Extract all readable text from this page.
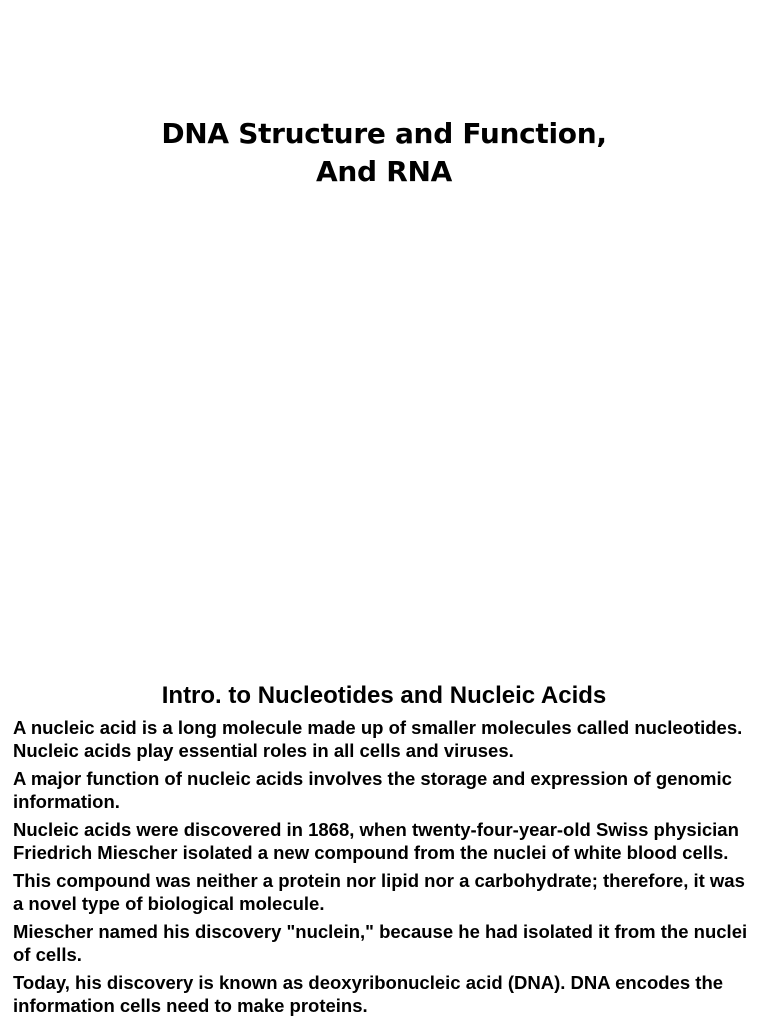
DNA Structure and Function,
And RNA
Intro. to Nucleotides and Nucleic Acids
A nucleic acid is a long molecule made up of smaller molecules called nucleotides. Nucleic acids play essential roles in all cells and viruses.
A major function of nucleic acids involves the storage and expression of genomic information.
Nucleic acids were discovered in 1868, when twenty-four-year-old Swiss physician Friedrich Miescher isolated a new compound from the nuclei of white blood cells.
This compound was neither a protein nor lipid nor a carbohydrate; therefore, it was a novel type of biological molecule.
Miescher named his discovery "nuclein," because he had isolated it from the nuclei of cells.
Today, his discovery is known as deoxyribonucleic acid (DNA). DNA encodes the information cells need to make proteins.
